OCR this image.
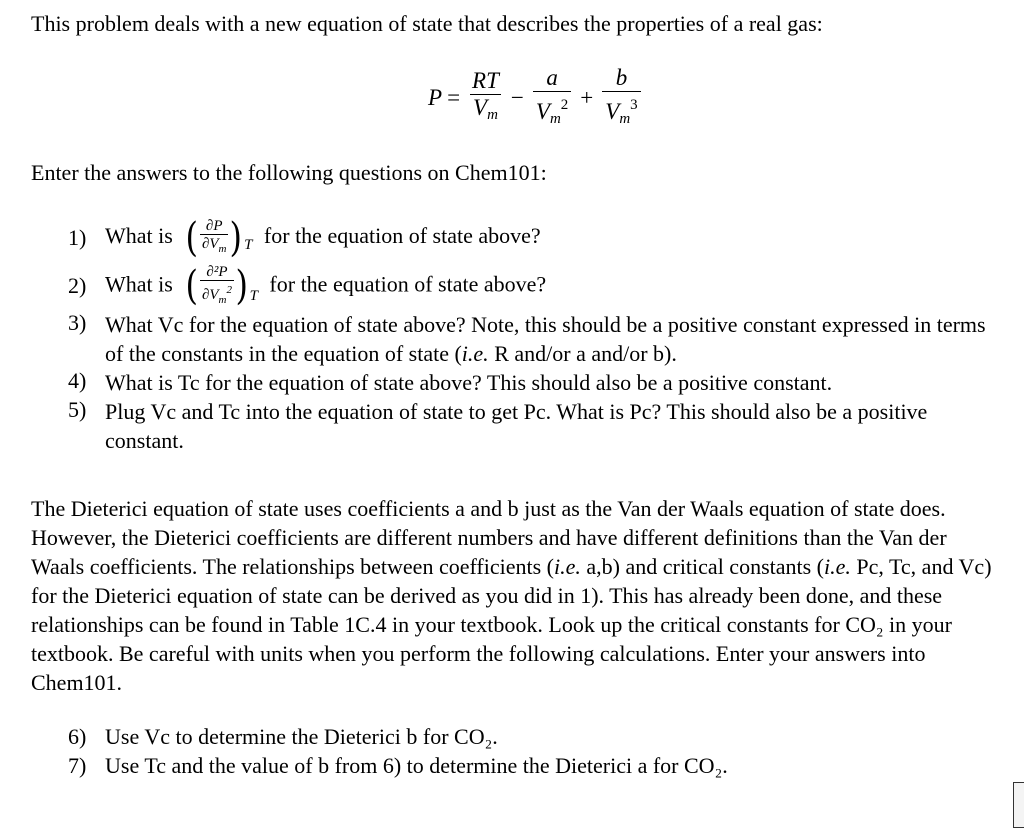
This problem deals with a new equation of state that describes the properties of a real gas:

$P = \frac{RT}{V_m} - \frac{a}{V_m^2} + \frac{b}{V_m^3}$

Enter the answers to the following questions on Chem101:

1) What is ( $\frac{\partial P}{\partial V_m}$ ) T for the equation of state above?
2) What is ( $\frac{\text{∂²P}}{\partial V_m^2}$ ) T for the equation of state above?
3) What Vc for the equation of state above? Note, this should be a positive constant expressed in terms of the constants in the equation of state (i.e. R and/or a and/or b).
4) What is Tc for the equation of state above? This should also be a positive constant.
5) Plug Vc and Tc into the equation of state to get Pc. What is Pc? This should also be a positive constant.

The Dieterici equation of state uses coefficients a and b just as the Van der Waals equation of state does. However, the Dieterici coefficients are different numbers and have different definitions than the Van der Waals coefficients. The relationships between coefficients (i.e. a,b) and critical constants (i.e. Pc, Tc, and Vc) for the Dieterici equation of state can be derived as you did in 1). This has already been done, and these relationships can be found in Table 1C.4 in your textbook. Look up the critical constants for CO₂ in your textbook. Be careful with units when you perform the following calculations. Enter your answers into Chem101.

6) Use Vc to determine the Dieterici b for CO₂.
7) Use Tc and the value of b from 6) to determine the Dieterici a for CO₂.
